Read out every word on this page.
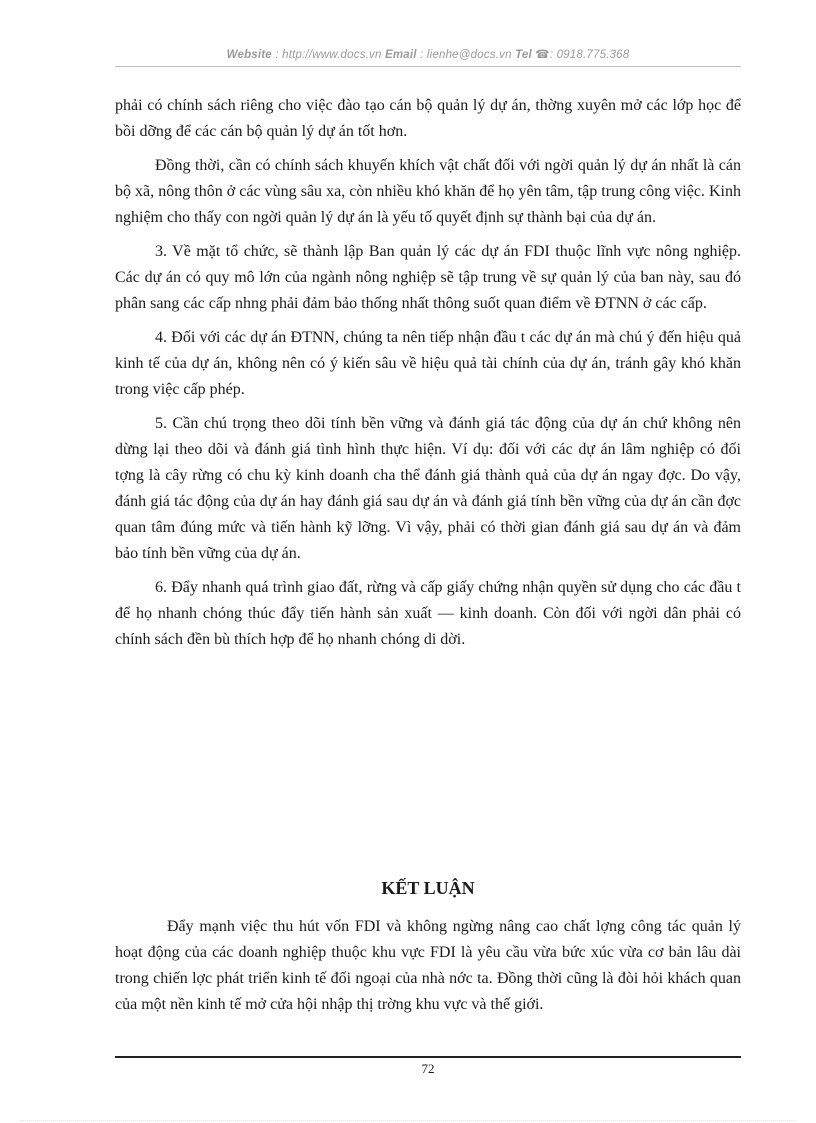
Website : http://www.docs.vn Email : lienhe@docs.vn Tel ☎: 0918.775.368

phải có chính sách riêng cho việc đào tạo cán bộ quản lý dự án, thờng xuyên mở các lớp học để bồi dỡng để các cán bộ quản lý dự án tốt hơn.

Đồng thời, cần có chính sách khuyến khích vật chất đối với ngời quản lý dự án nhất là cán bộ xã, nông thôn ở các vùng sâu xa, còn nhiều khó khăn để họ yên tâm, tập trung công việc. Kinh nghiệm cho thấy con ngời quản lý dự án là yếu tố quyết định sự thành bại của dự án.

3. Về mặt tổ chức, sẽ thành lập Ban quản lý các dự án FDI thuộc lĩnh vực nông nghiệp. Các dự án có quy mô lớn của ngành nông nghiệp sẽ tập trung về sự quản lý của ban này, sau đó phân sang các cấp nhng phải đảm bảo thống nhất thông suốt quan điểm về ĐTNN ở các cấp.

4. Đối với các dự án ĐTNN, chúng ta nên tiếp nhận đầu t các dự án mà chú ý đến hiệu quả kinh tế của dự án, không nên có ý kiến sâu về hiệu quả tài chính của dự án, tránh gây khó khăn trong việc cấp phép.

5. Cần chú trọng theo dõi tính bền vững và đánh giá tác động của dự án chứ không nên dừng lại theo dõi và đánh giá tình hình thực hiện. Ví dụ: đối với các dự án lâm nghiệp có đối tợng là cây rừng có chu kỳ kinh doanh cha thể đánh giá thành quả của dự án ngay đợc. Do vậy, đánh giá tác động của dự án hay đánh giá sau dự án và đánh giá tính bền vững của dự án cần đợc quan tâm đúng mức và tiến hành kỹ lỡng. Vì vậy, phải có thời gian đánh giá sau dự án và đảm bảo tính bền vững của dự án.

6. Đẩy nhanh quá trình giao đất, rừng và cấp giấy chứng nhận quyền sử dụng cho các đầu t để họ nhanh chóng thúc đẩy tiến hành sản xuất — kinh doanh. Còn đối với ngời dân phải có chính sách đền bù thích hợp để họ nhanh chóng di dời.

KẾT LUẬN

Đẩy mạnh việc thu hút vốn FDI và không ngừng nâng cao chất lợng công tác quản lý hoạt động của các doanh nghiệp thuộc khu vực FDI là yêu cầu vừa bức xúc vừa cơ bản lâu dài trong chiến lợc phát triển kinh tế đối ngoại của nhà nớc ta. Đồng thời cũng là đòi hỏi khách quan của một nền kinh tế mở cửa hội nhập thị trờng khu vực và thế giới.

72
